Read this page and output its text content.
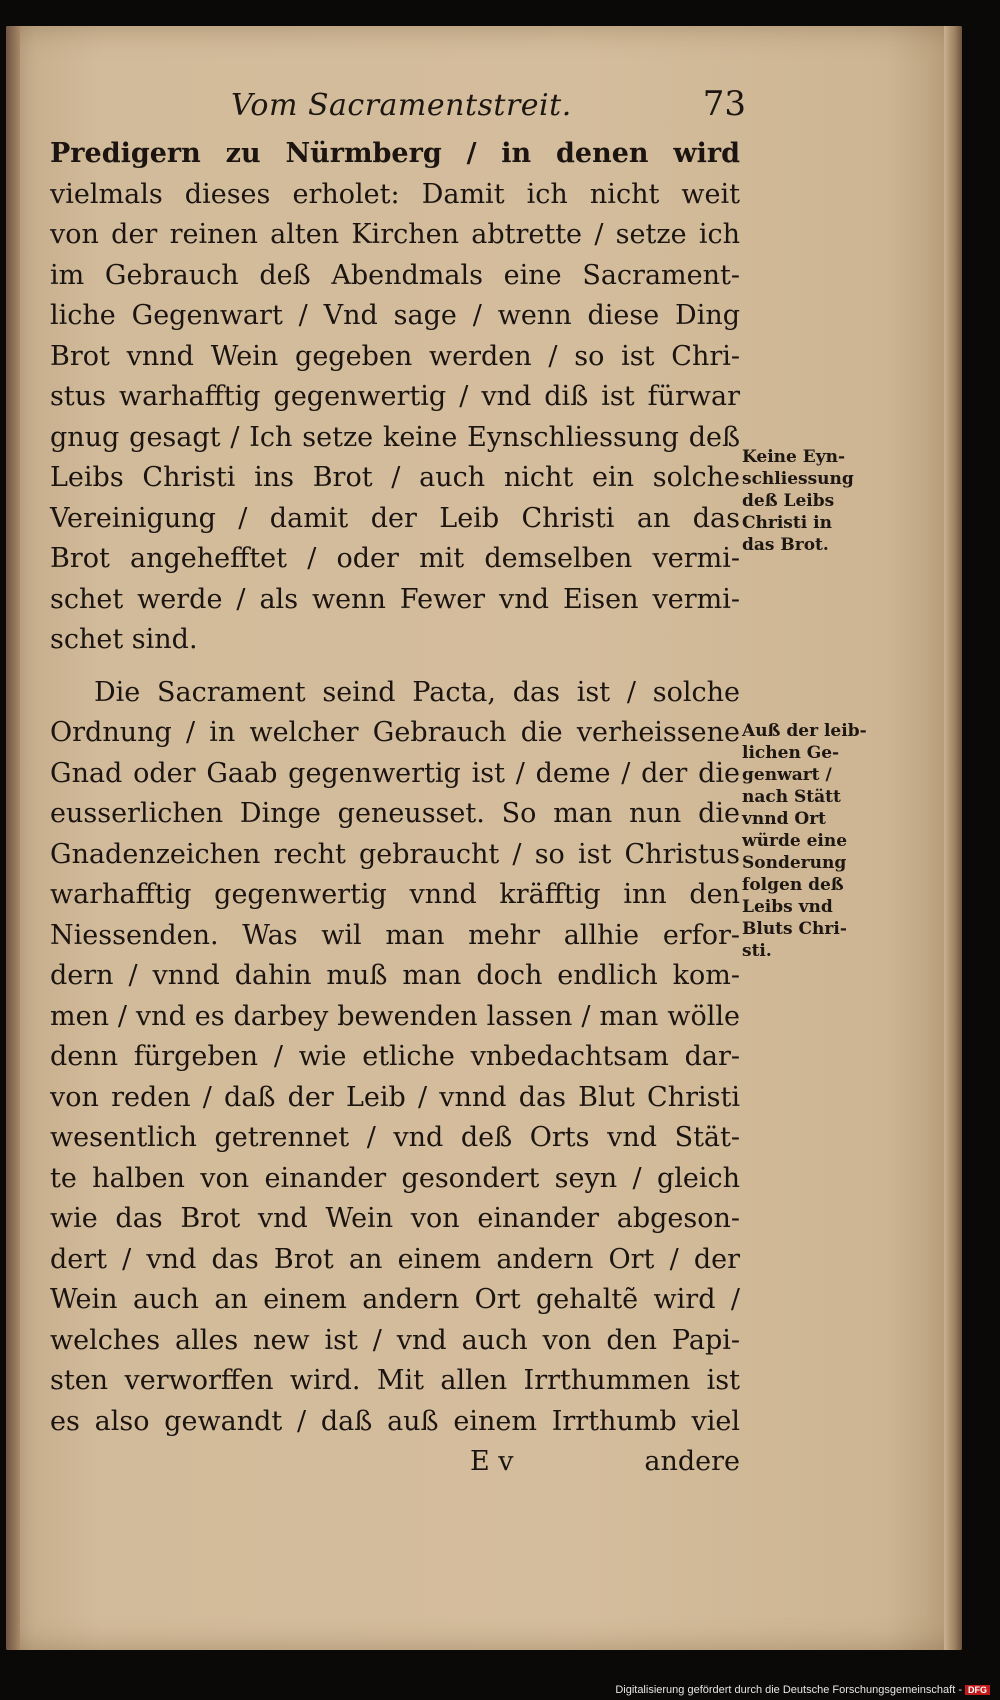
Vom Sacramentstreit.	73
Predigern zu Nürmberg / in denen wird
vielmals dieses erholet: Damit ich nicht weit
von der reinen alten Kirchen abtrette / setze ich
im Gebrauch deß Abendmals eine Sacrament-
liche Gegenwart / Vnd sage / wenn diese Ding
Brot vnnd Wein gegeben werden / so ist Chri-
stus warhafftig gegenwertig / vnd diß ist fürwar
gnug gesagt / Ich setze keine Eynschliessung deß
Leibs Christi ins Brot / auch nicht ein solche
Vereinigung / damit der Leib Christi an das
Brot angehefftet / oder mit demselben vermi-
schet werde / als wenn Fewer vnd Eisen vermi-
schet sind.
Die Sacrament seind Pacta, das ist / solche
Ordnung / in welcher Gebrauch die verheissene
Gnad oder Gaab gegenwertig ist / deme / der die
eusserlichen Dinge geneusset. So man nun die
Gnadenzeichen recht gebraucht / so ist Christus
warhafftig gegenwertig vnnd kräfftig inn den
Niessenden. Was wil man mehr allhie erfor-
dern / vnnd dahin muß man doch endlich kom-
men / vnd es darbey bewenden lassen / man wölle
denn fürgeben / wie etliche vnbedachtsam dar-
von reden / daß der Leib / vnnd das Blut Christi
wesentlich getrennet / vnd deß Orts vnd Stät-
te halben von einander gesondert seyn / gleich
wie das Brot vnd Wein von einander abgeson-
dert / vnd das Brot an einem andern Ort / der
Wein auch an einem andern Ort gehaltẽ wird /
welches alles new ist / vnd auch von den Papi-
sten verworffen wird. Mit allen Irrthummen ist
es also gewandt / daß auß einem Irrthumb viel
E v	andere
Keine Eyn-
schliessung
deß Leibs
Christi in
das Brot.
Auß der leib-
lichen Ge-
genwart /
nach Stätt
vnnd Ort
würde eine
Sonderung
folgen deß
Leibs vnd
Bluts Chri-
sti.
Digitalisierung gefördert durch die Deutsche Forschungsgemeinschaft - DFG
